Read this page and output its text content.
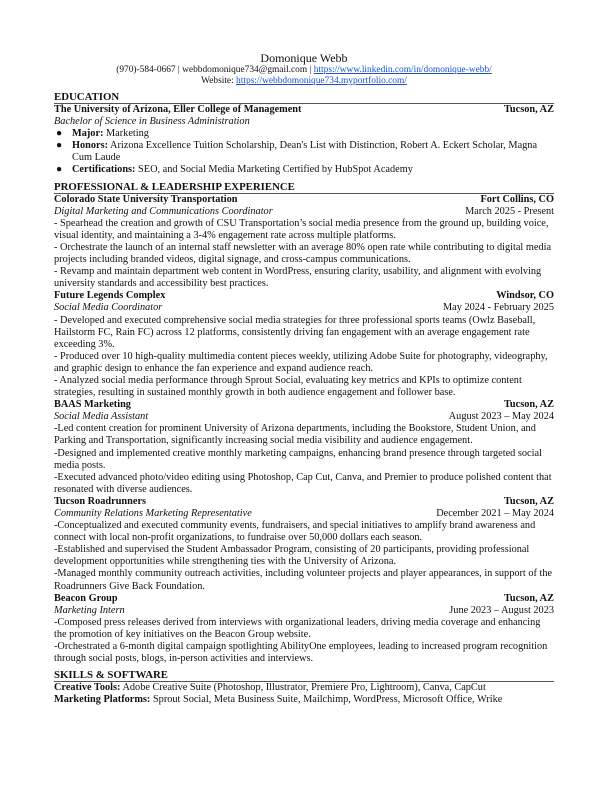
Domonique Webb
(970)-584-0667 | webbdomonique734@gmail.com | https://www.linkedin.com/in/domonique-webb/
Website: https://webbdomonique734.myportfolio.com/
EDUCATION
The University of Arizona, Eller College of Management	Tucson, AZ
Bachelor of Science in Business Administration
● Major: Marketing
● Honors: Arizona Excellence Tuition Scholarship, Dean's List with Distinction, Robert A. Eckert Scholar, Magna Cum Laude
● Certifications: SEO, and Social Media Marketing Certified by HubSpot Academy
PROFESSIONAL & LEADERSHIP EXPERIENCE
Colorado State University Transportation	Fort Collins, CO
Digital Marketing and Communications Coordinator	March 2025 - Present

- Spearhead the creation and growth of CSU Transportation’s social media presence from the ground up, building voice, visual identity, and maintaining a 3-4% engagement rate across multiple platforms.

- Orchestrate the launch of an internal staff newsletter with an average 80% open rate while contributing to digital media projects including branded videos, digital signage, and cross-campus communications.

- Revamp and maintain department web content in WordPress, ensuring clarity, usability, and alignment with evolving university standards and accessibility best practices.

Future Legends Complex	Windsor, CO
Social Media Coordinator	May 2024 - February 2025

- Developed and executed comprehensive social media strategies for three professional sports teams (Owlz Baseball, Hailstorm FC, Rain FC) across 12 platforms, consistently driving fan engagement with an average engagement rate exceeding 3%.

- Produced over 10 high-quality multimedia content pieces weekly, utilizing Adobe Suite for photography, videography, and graphic design to enhance the fan experience and expand audience reach.

- Analyzed social media performance through Sprout Social, evaluating key metrics and KPIs to optimize content strategies, resulting in sustained monthly growth in both audience engagement and follower base.

BAAS Marketing	Tucson, AZ
Social Media Assistant	August 2023 – May 2024

-Led content creation for prominent University of Arizona departments, including the Bookstore, Student Union, and Parking and Transportation, significantly increasing social media visibility and audience engagement.

-Designed and implemented creative monthly marketing campaigns, enhancing brand presence through targeted social media posts.

-Executed advanced photo/video editing using Photoshop, Cap Cut, Canva, and Premier to produce polished content that resonated with diverse audiences.

Tucson Roadrunners	Tucson, AZ
Community Relations Marketing Representative	December 2021 – May 2024

-Conceptualized and executed community events, fundraisers, and special initiatives to amplify brand awareness and connect with local non-profit organizations, to fundraise over 50,000 dollars each season.

-Established and supervised the Student Ambassador Program, consisting of 20 participants, providing professional development opportunities while strengthening ties with the University of Arizona.

-Managed monthly community outreach activities, including volunteer projects and player appearances, in support of the Roadrunners Give Back Foundation.

Beacon Group	Tucson, AZ
Marketing Intern	June 2023 – August 2023

-Composed press releases derived from interviews with organizational leaders, driving media coverage and enhancing the promotion of key initiatives on the Beacon Group website.

-Orchestrated a 6-month digital campaign spotlighting AbilityOne employees, leading to increased program recognition through social posts, blogs, in-person activities and interviews.

SKILLS & SOFTWARE

Creative Tools: Adobe Creative Suite (Photoshop, Illustrator, Premiere Pro, Lightroom), Canva, CapCut

Marketing Platforms: Sprout Social, Meta Business Suite, Mailchimp, WordPress, Microsoft Office, Wrike
